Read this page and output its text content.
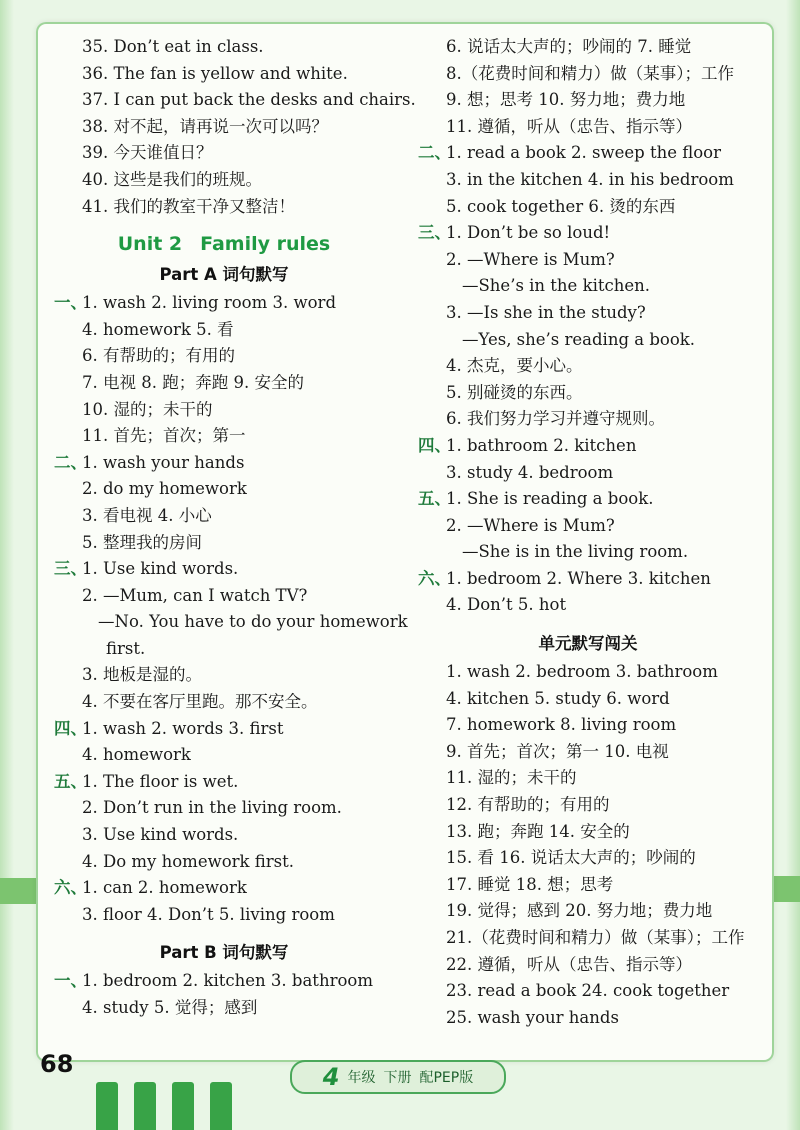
35. Don’t eat in class.
36. The fan is yellow and white.
37. I can put back the desks and chairs.
38. 对不起，请再说一次可以吗？
39. 今天谁值日？
40. 这些是我们的班规。
41. 我们的教室干净又整洁！
Unit 2 Family rules
Part A 词句默写
一、1. wash 2. living room 3. word
4. homework 5. 看
6. 有帮助的；有用的
7. 电视 8. 跑；奔跑 9. 安全的
10. 湿的；未干的
11. 首先；首次；第一
二、1. wash your hands
2. do my homework
3. 看电视 4. 小心
5. 整理我的房间
三、1. Use kind words.
2. —Mum, can I watch TV?
—No. You have to do your homework
first.
3. 地板是湿的。
4. 不要在客厅里跑。那不安全。
四、1. wash 2. words 3. first
4. homework
五、1. The floor is wet.
2. Don’t run in the living room.
3. Use kind words.
4. Do my homework first.
六、1. can 2. homework
3. floor 4. Don’t 5. living room
Part B 词句默写
一、1. bedroom 2. kitchen 3. bathroom
4. study 5. 觉得；感到
6. 说话太大声的；吵闹的 7. 睡觉
8.（花费时间和精力）做（某事）；工作
9. 想；思考 10. 努力地；费力地
11. 遵循，听从（忠告、指示等）
二、1. read a book 2. sweep the floor
3. in the kitchen 4. in his bedroom
5. cook together 6. 烫的东西
三、1. Don’t be so loud!
2. —Where is Mum?
—She’s in the kitchen.
3. —Is she in the study?
—Yes, she’s reading a book.
4. 杰克，要小心。
5. 别碰烫的东西。
6. 我们努力学习并遵守规则。
四、1. bathroom 2. kitchen
3. study 4. bedroom
五、1. She is reading a book.
2. —Where is Mum?
—She is in the living room.
六、1. bedroom 2. Where 3. kitchen
4. Don’t 5. hot
单元默写闯关
1. wash 2. bedroom 3. bathroom
4. kitchen 5. study 6. word
7. homework 8. living room
9. 首先；首次；第一 10. 电视
11. 湿的；未干的
12. 有帮助的；有用的
13. 跑；奔跑 14. 安全的
15. 看 16. 说话太大声的；吵闹的
17. 睡觉 18. 想；思考
19. 觉得；感到 20. 努力地；费力地
21.（花费时间和精力）做（某事）；工作
22. 遵循，听从（忠告、指示等）
23. read a book 24. cook together
25. wash your hands
68	4 年级 下册 配PEP版
